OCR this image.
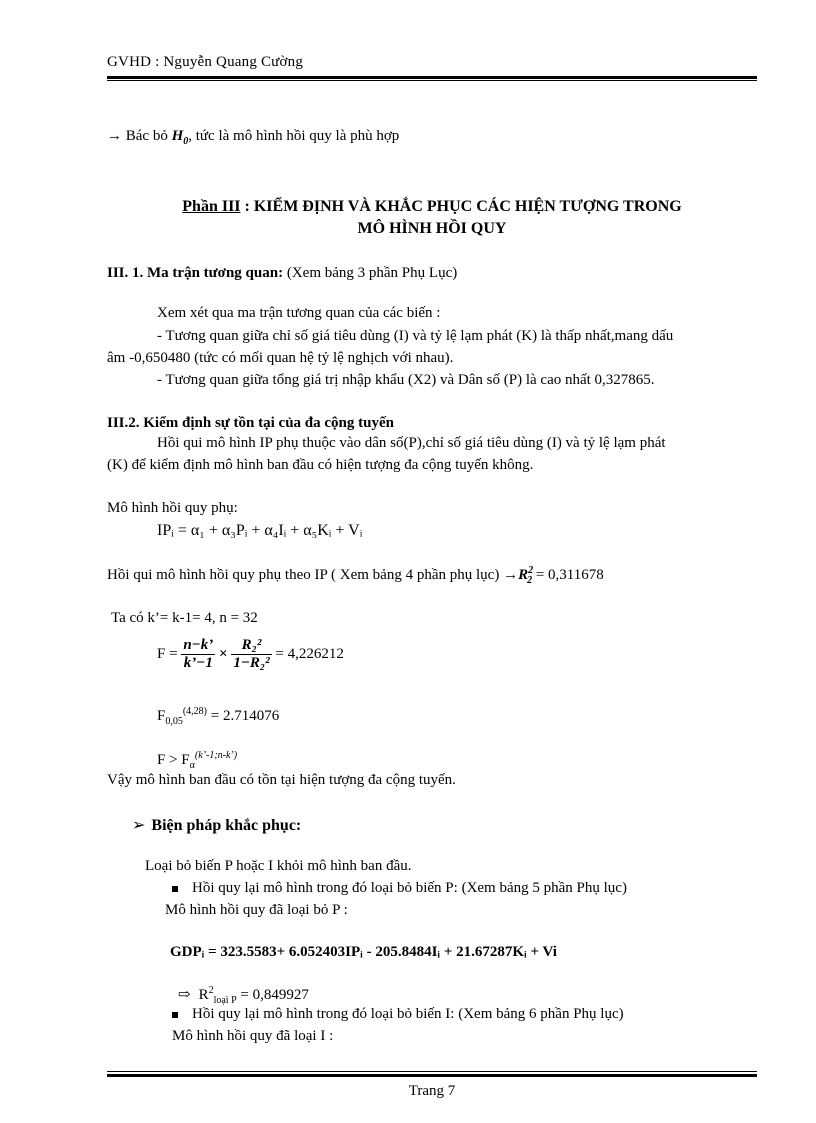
GVHD : Nguyễn Quang Cường
→ Bác bỏ $H_0$, tức là mô hình hồi quy là phù hợp
Phần III : KIỂM ĐỊNH VÀ KHẮC PHỤC CÁC HIỆN TƯỢNG TRONG
MÔ HÌNH HỒI QUY
III. 1. Ma trận tương quan: (Xem bảng 3 phần Phụ Lục)
Xem xét qua ma trận tương quan của các biến :
- Tương quan giữa chỉ số giá tiêu dùng (I) và tỷ lệ lạm phát (K) là thấp nhất,mang dấu
âm -0,650480 (tức có mối quan hệ tỷ lệ nghịch với nhau).
- Tương quan giữa tổng giá trị nhập khẩu (X2) và Dân số (P) là cao nhất 0,327865.
III.2. Kiểm định sự tồn tại của đa cộng tuyến
Hồi qui mô hình IP phụ thuộc vào dân số(P),chỉ số giá tiêu dùng (I) và tỷ lệ lạm phát
(K) để kiểm định mô hình ban đầu có hiện tượng đa cộng tuyến không.
Mô hình hồi quy phụ:
IPᵢ = α₁ + α₃Pᵢ + α₄Iᵢ + α₅Kᵢ + Vᵢ
Hồi qui mô hình hồi quy phụ theo IP ( Xem bảng 4 phần phụ lục) $\to R^2_2 = 0,311678$
Ta có k’= k-1= 4, n = 32
$F = \frac{n-k’}{k’-1} \times \frac{\text{R₂²}}{\text{1−R₂²}} = 4,226212$
$F_{0,05}^{(4,28)} = 2.714076$
$F > F_\alpha^{(k’-1;n-k’)}$
Vậy mô hình ban đầu có tồn tại hiện tượng đa cộng tuyến.
➢ Biện pháp khắc phục:
Loại bỏ biến P hoặc I khỏi mô hình ban đầu.
Hồi quy lại mô hình trong đó loại bỏ biến P: (Xem bảng 5 phần Phụ lục)
Mô hình hồi quy đã loại bỏ P :
GDPᵢ = 323.5583+ 6.052403IPᵢ - 205.8484Iᵢ + 21.67287Kᵢ + Vi
⇨ $R^2_{loại P} = 0,849927$
Hồi quy lại mô hình trong đó loại bỏ biến I: (Xem bảng 6 phần Phụ lục)
Mô hình hồi quy đã loại I :
Trang 7
